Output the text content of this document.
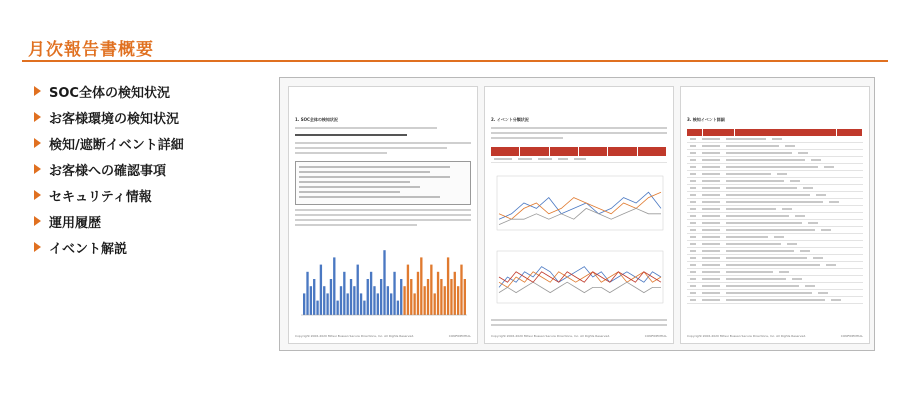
月次報告書概要
SOC全体の検知状況
お客様環境の検知状況
検知/遮断イベント詳細
お客様への確認事項
セキュリティ情報
運用履歴
イベント解説
1. SOC全体の検知状況
Copyright 2006-2020 Mitsui Bussan Secure Directions, Inc. All Rights Reserved.	CONFIDENTIAL
2. イベント分類状況
Copyright 2006-2020 Mitsui Bussan Secure Directions, Inc. All Rights Reserved.	CONFIDENTIAL
3. 検知イベント詳細
Copyright 2006-2020 Mitsui Bussan Secure Directions, Inc. All Rights Reserved.	CONFIDENTIAL
